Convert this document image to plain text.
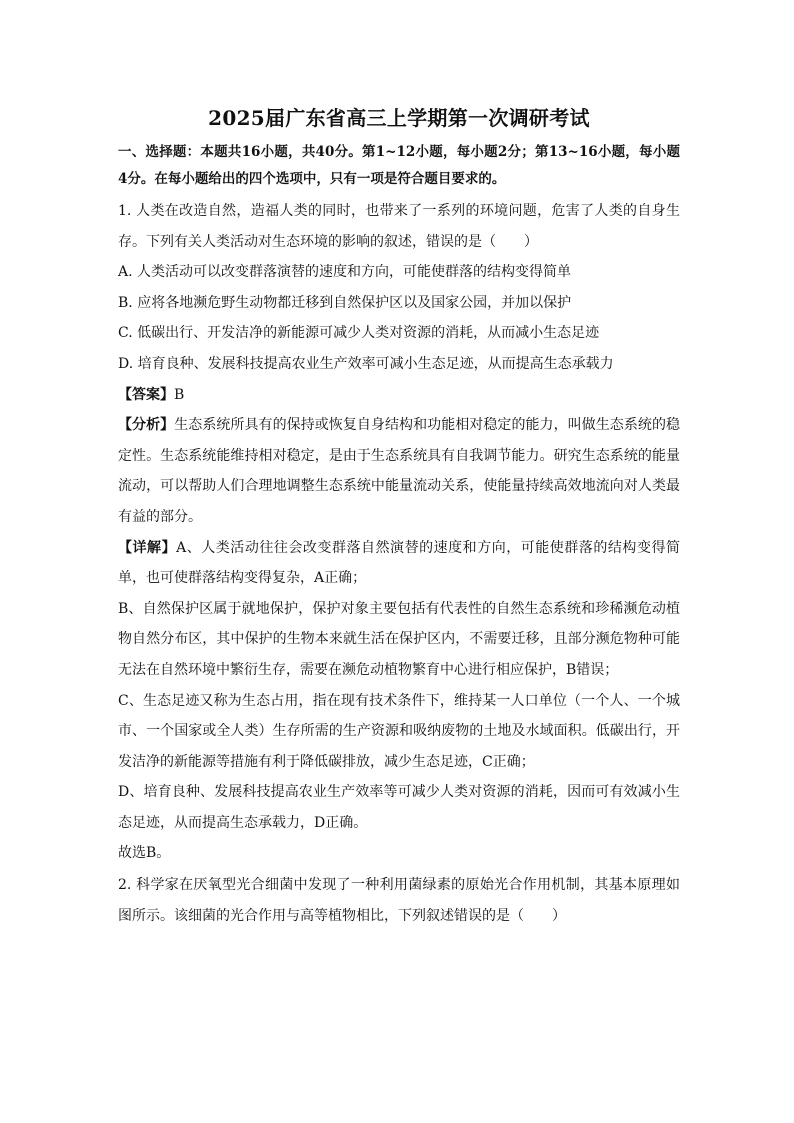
2025届广东省高三上学期第一次调研考试
一、选择题：本题共16小题，共40分。第1~12小题，每小题2分；第13~16小题，每小题4分。在每小题给出的四个选项中，只有一项是符合题目要求的。

1. 人类在改造自然，造福人类的同时，也带来了一系列的环境问题，危害了人类的自身生存。下列有关人类活动对生态环境的影响的叙述，错误的是（　　）

A. 人类活动可以改变群落演替的速度和方向，可能使群落的结构变得简单

B. 应将各地濒危野生动物都迁移到自然保护区以及国家公园，并加以保护

C. 低碳出行、开发洁净的新能源可减少人类对资源的消耗，从而减小生态足迹

D. 培育良种、发展科技提高农业生产效率可减小生态足迹，从而提高生态承载力

【答案】B

【分析】生态系统所具有的保持或恢复自身结构和功能相对稳定的能力，叫做生态系统的稳定性。生态系统能维持相对稳定，是由于生态系统具有自我调节能力。研究生态系统的能量流动，可以帮助人们合理地调整生态系统中能量流动关系，使能量持续高效地流向对人类最有益的部分。

【详解】A、人类活动往往会改变群落自然演替的速度和方向，可能使群落的结构变得简单，也可使群落结构变得复杂，A正确；

B、自然保护区属于就地保护，保护对象主要包括有代表性的自然生态系统和珍稀濒危动植物自然分布区，其中保护的生物本来就生活在保护区内，不需要迁移，且部分濒危物种可能无法在自然环境中繁衍生存，需要在濒危动植物繁育中心进行相应保护，B错误；

C、生态足迹又称为生态占用，指在现有技术条件下，维持某一人口单位（一个人、一个城市、一个国家或全人类）生存所需的生产资源和吸纳废物的土地及水域面积。低碳出行，开发洁净的新能源等措施有利于降低碳排放，减少生态足迹，C正确；

D、培育良种、发展科技提高农业生产效率等可减少人类对资源的消耗，因而可有效减小生态足迹，从而提高生态承载力，D正确。

故选B。

2. 科学家在厌氧型光合细菌中发现了一种利用菌绿素的原始光合作用机制，其基本原理如图所示。该细菌的光合作用与高等植物相比，下列叙述错误的是（　　）
